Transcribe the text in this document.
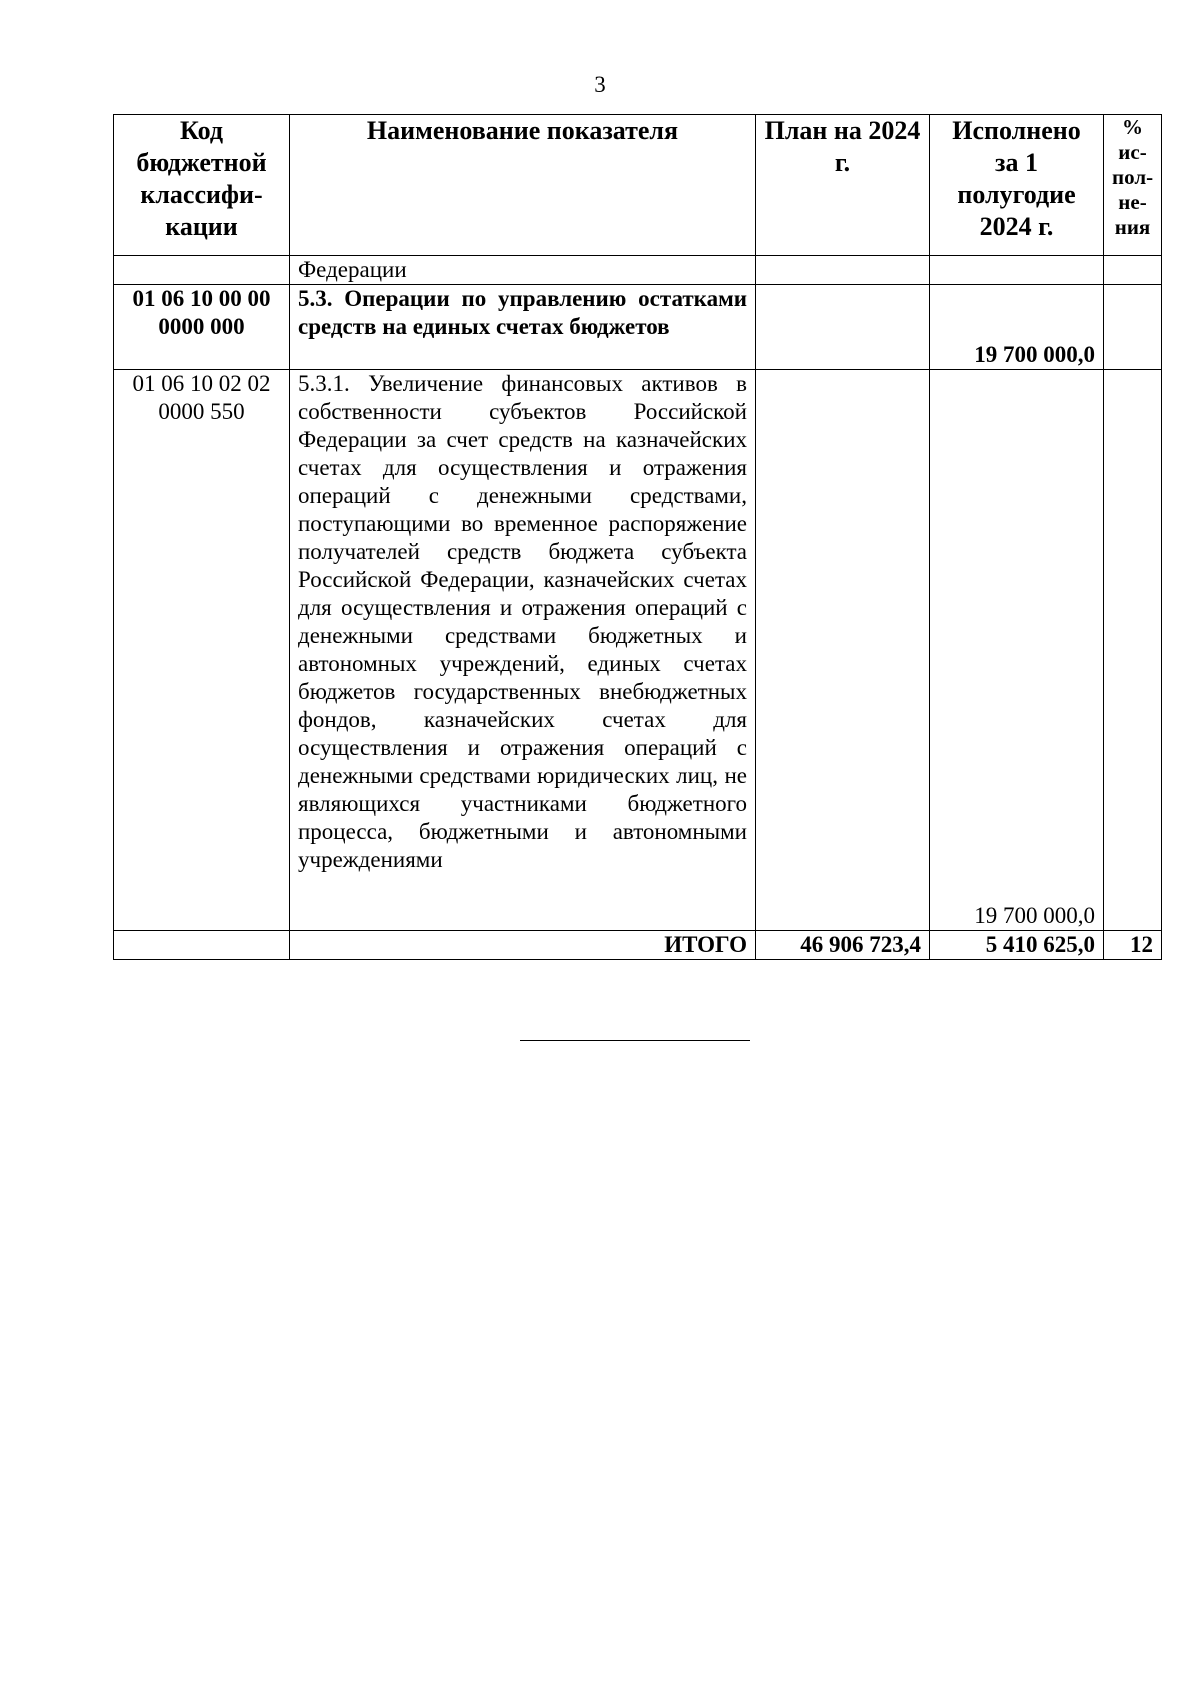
3
Код бюджетной классифи-кации	Наименование показателя	План на 2024 г.	Исполнено за 1 полугодие 2024 г.	% ис-пол-не-ния
	Федерации			
01 06 10 00 00 0000 000	5.3. Операции по управлению остатками средств на единых счетах бюджетов		19 700 000,0	
01 06 10 02 02 0000 550	5.3.1. Увеличение финансовых активов в собственности субъектов Российской Федерации за счет средств на казначейских счетах для осуществления и отражения операций с денежными средствами, поступающими во временное распоряжение получателей средств бюджета субъекта Российской Федерации, казначейских счетах для осуществления и отражения операций с денежными средствами бюджетных и автономных учреждений, единых счетах бюджетов государственных внебюджетных фондов, казначейских счетах для осуществления и отражения операций с денежными средствами юридических лиц, не являющихся участниками бюджетного процесса, бюджетными и автономными учреждениями		19 700 000,0	
	ИТОГО	46 906 723,4	5 410 625,0	12
